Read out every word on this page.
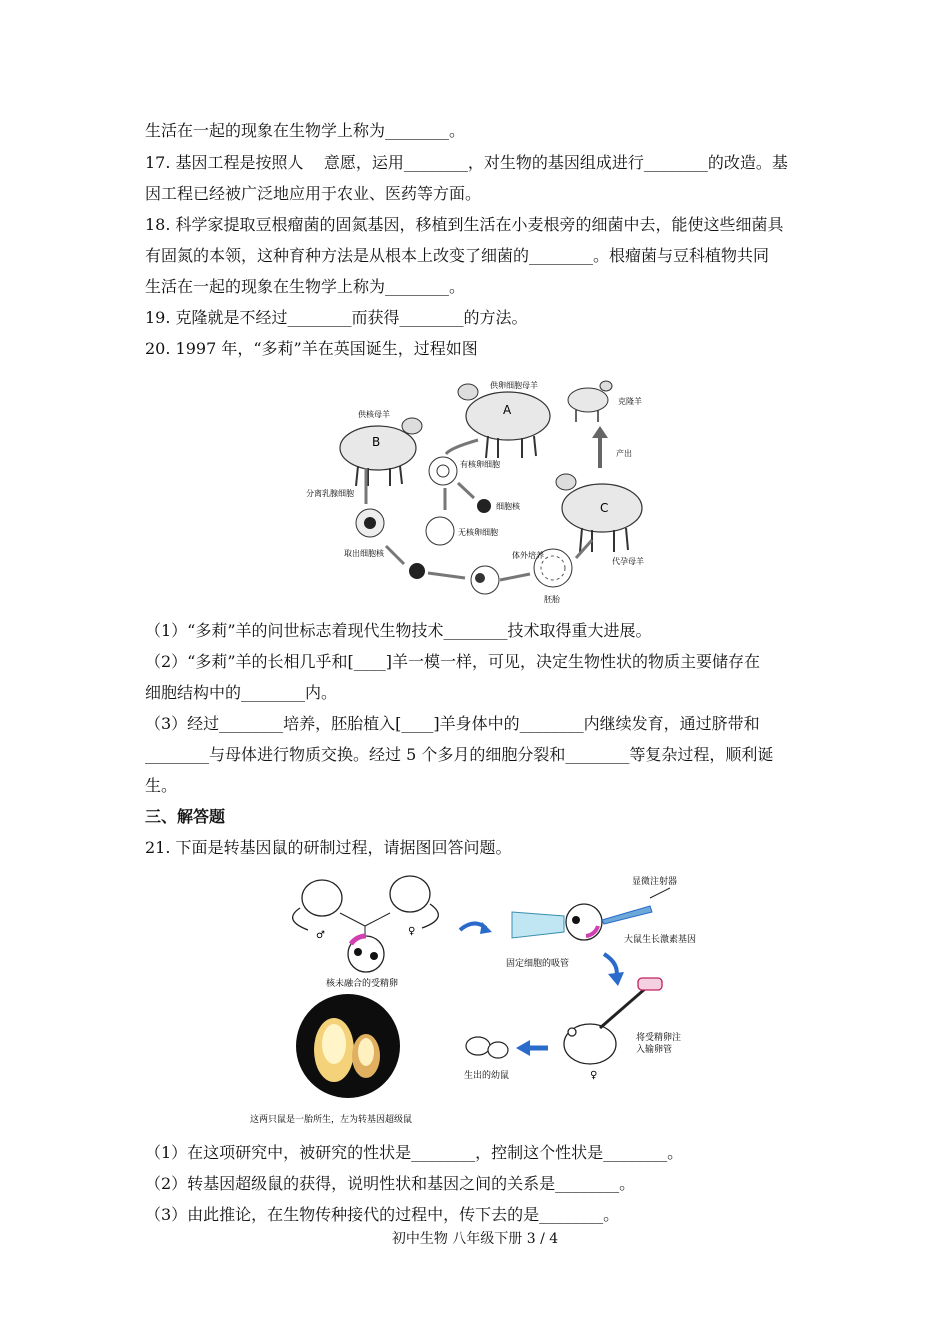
生活在一起的现象在生物学上称为________。
17. 基因工程是按照人    意愿，运用________，对生物的基因组成进行________的改造。基
因工程已经被广泛地应用于农业、医药等方面。
18. 科学家提取豆根瘤菌的固氮基因，移植到生活在小麦根旁的细菌中去，能使这些细菌具
有固氮的本领，这种育种方法是从根本上改变了细菌的________。根瘤菌与豆科植物共同
生活在一起的现象在生物学上称为________。
19. 克隆就是不经过________而获得________的方法。
20. 1997 年，“多莉”羊在英国诞生，过程如图
A
供卵细胞母羊
B
供核母羊
克隆羊
产出
C
代孕母羊
有核卵细胞
细胞核
无核卵细胞
分离乳腺细胞
取出细胞核	体外培养
胚胎
（1）“多莉”羊的问世标志着现代生物技术________技术取得重大进展。
（2）“多莉”羊的长相几乎和[____]羊一模一样，可见，决定生物性状的物质主要储存在
细胞结构中的________内。
（3）经过________培养，胚胎植入[____]羊身体中的________内继续发育，通过脐带和
________与母体进行物质交换。经过 5 个多月的细胞分裂和________等复杂过程，顺利诞
生。
三、解答题
21. 下面是转基因鼠的研制过程，请据图回答问题。
♂	♀
核未融合的受精卵
显微注射器
大鼠生长激素基因
固定细胞的吸管
♀
将受精卵注
入输卵管
生出的幼鼠
这两只鼠是一胎所生，左为转基因超级鼠
（1）在这项研究中，被研究的性状是________，控制这个性状是________。
（2）转基因超级鼠的获得，说明性状和基因之间的关系是________。
（3）由此推论，在生物传种接代的过程中，传下去的是________。
初中生物 八年级下册 3 / 4
